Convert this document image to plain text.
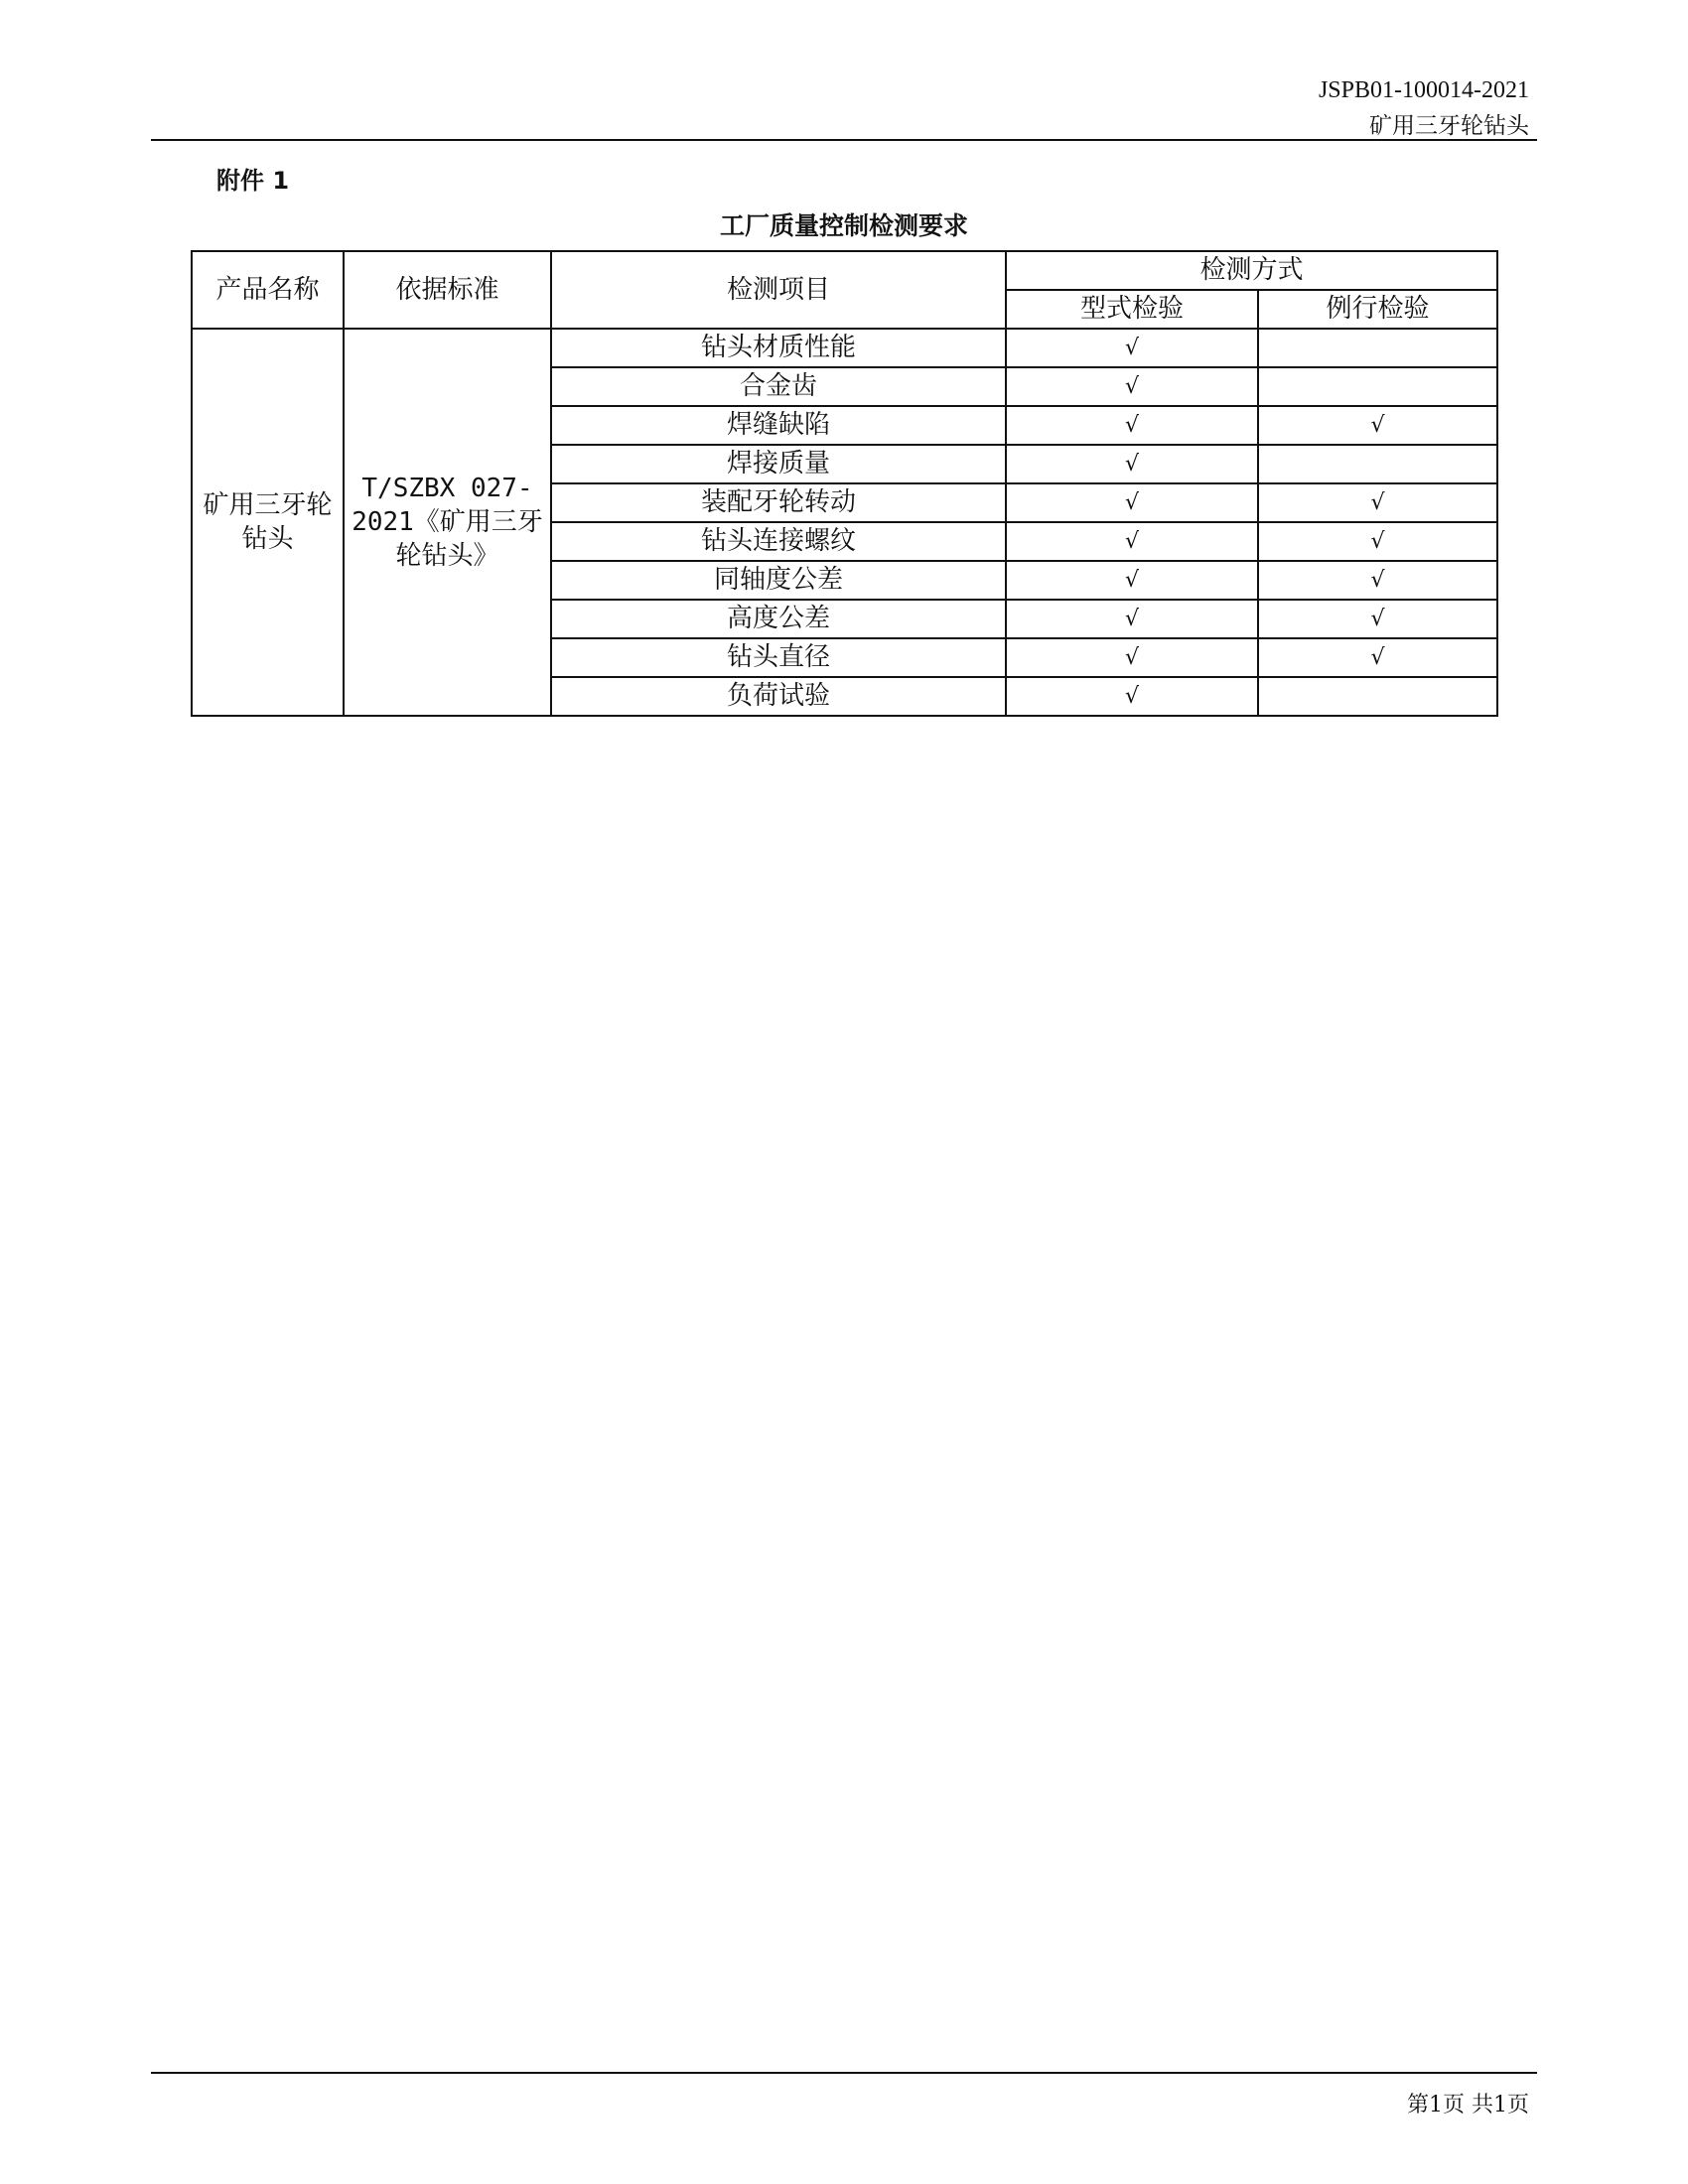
JSPB01-100014-2021
矿用三牙轮钻头
附件 1
工厂质量控制检测要求
产品名称	依据标准	检测项目	检测方式	
			型式检验	例行检验
矿用三牙轮钻头	T/SZBX 027-2021《矿用三牙轮钻头》	钻头材质性能	√	
		合金齿	√	
		焊缝缺陷	√	√
		焊接质量	√	
		装配牙轮转动	√	√
		钻头连接螺纹	√	√
		同轴度公差	√	√
		高度公差	√	√
		钻头直径	√	√
		负荷试验	√	
第1页 共1页
